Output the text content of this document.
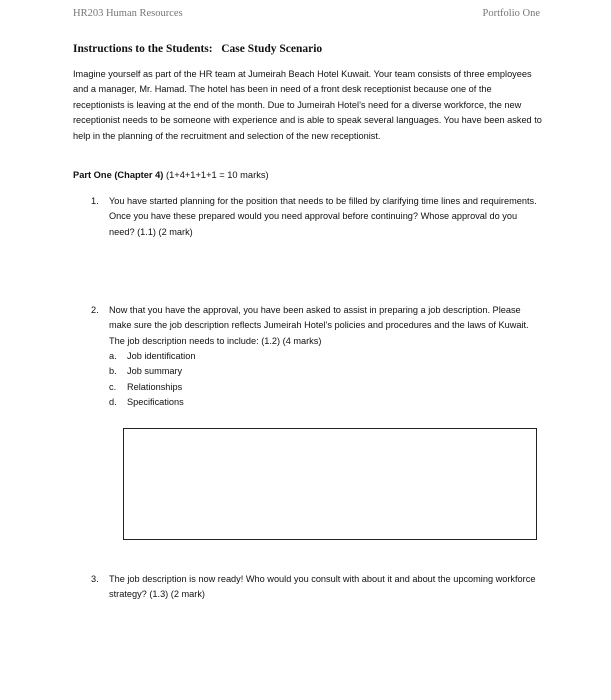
HR203 Human Resources	Portfolio One
Instructions to the Students:   Case Study Scenario

Imagine yourself as part of the HR team at Jumeirah Beach Hotel Kuwait. Your team consists of three employees and a manager, Mr. Hamad. The hotel has been in need of a front desk receptionist because one of the receptionists is leaving at the end of the month. Due to Jumeirah Hotel’s need for a diverse workforce, the new receptionist needs to be someone with experience and is able to speak several languages. You have been asked to help in the planning of the recruitment and selection of the new receptionist.

Part One (Chapter 4) (1+4+1+1+1 = 10 marks)
1. You have started planning for the position that needs to be filled by clarifying time lines and requirements. Once you have these prepared would you need approval before continuing? Whose approval do you need? (1.1) (2 mark)
2. Now that you have the approval, you have been asked to assist in preparing a job description. Please make sure the job description reflects Jumeirah Hotel’s policies and procedures and the laws of Kuwait. The job description needs to include: (1.2) (4 marks)
a. Job identification
b. Job summary
c. Relationships
d. Specifications
3. The job description is now ready! Who would you consult with about it and about the upcoming workforce strategy? (1.3) (2 mark)
